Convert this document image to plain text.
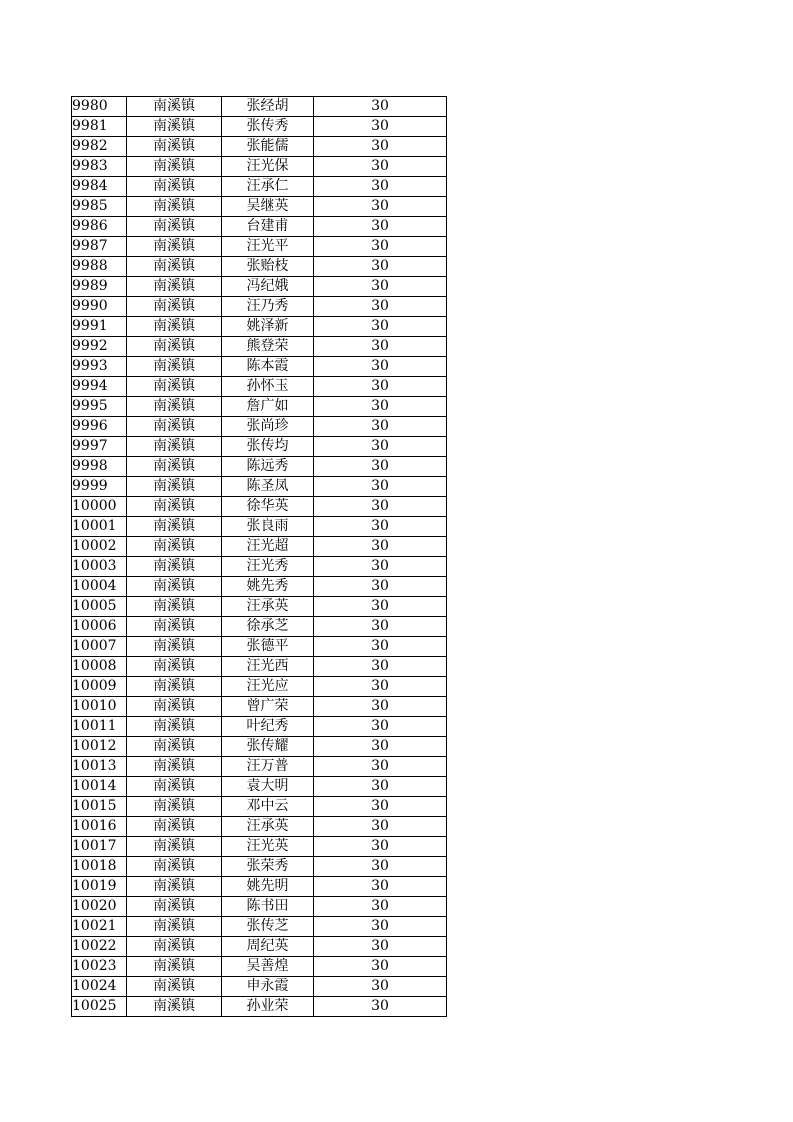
9980	南溪镇	张经胡	30
9981	南溪镇	张传秀	30
9982	南溪镇	张能儒	30
9983	南溪镇	汪光保	30
9984	南溪镇	汪承仁	30
9985	南溪镇	吴继英	30
9986	南溪镇	台建甫	30
9987	南溪镇	汪光平	30
9988	南溪镇	张贻枝	30
9989	南溪镇	冯纪娥	30
9990	南溪镇	汪乃秀	30
9991	南溪镇	姚泽新	30
9992	南溪镇	熊登荣	30
9993	南溪镇	陈本霞	30
9994	南溪镇	孙怀玉	30
9995	南溪镇	詹广如	30
9996	南溪镇	张尚珍	30
9997	南溪镇	张传均	30
9998	南溪镇	陈远秀	30
9999	南溪镇	陈圣凤	30
10000	南溪镇	徐华英	30
10001	南溪镇	张良雨	30
10002	南溪镇	汪光超	30
10003	南溪镇	汪光秀	30
10004	南溪镇	姚先秀	30
10005	南溪镇	汪承英	30
10006	南溪镇	徐承芝	30
10007	南溪镇	张德平	30
10008	南溪镇	汪光西	30
10009	南溪镇	汪光应	30
10010	南溪镇	曾广荣	30
10011	南溪镇	叶纪秀	30
10012	南溪镇	张传耀	30
10013	南溪镇	汪万普	30
10014	南溪镇	袁大明	30
10015	南溪镇	邓中云	30
10016	南溪镇	汪承英	30
10017	南溪镇	汪光英	30
10018	南溪镇	张荣秀	30
10019	南溪镇	姚先明	30
10020	南溪镇	陈书田	30
10021	南溪镇	张传芝	30
10022	南溪镇	周纪英	30
10023	南溪镇	吴善煌	30
10024	南溪镇	申永霞	30
10025	南溪镇	孙业荣	30
